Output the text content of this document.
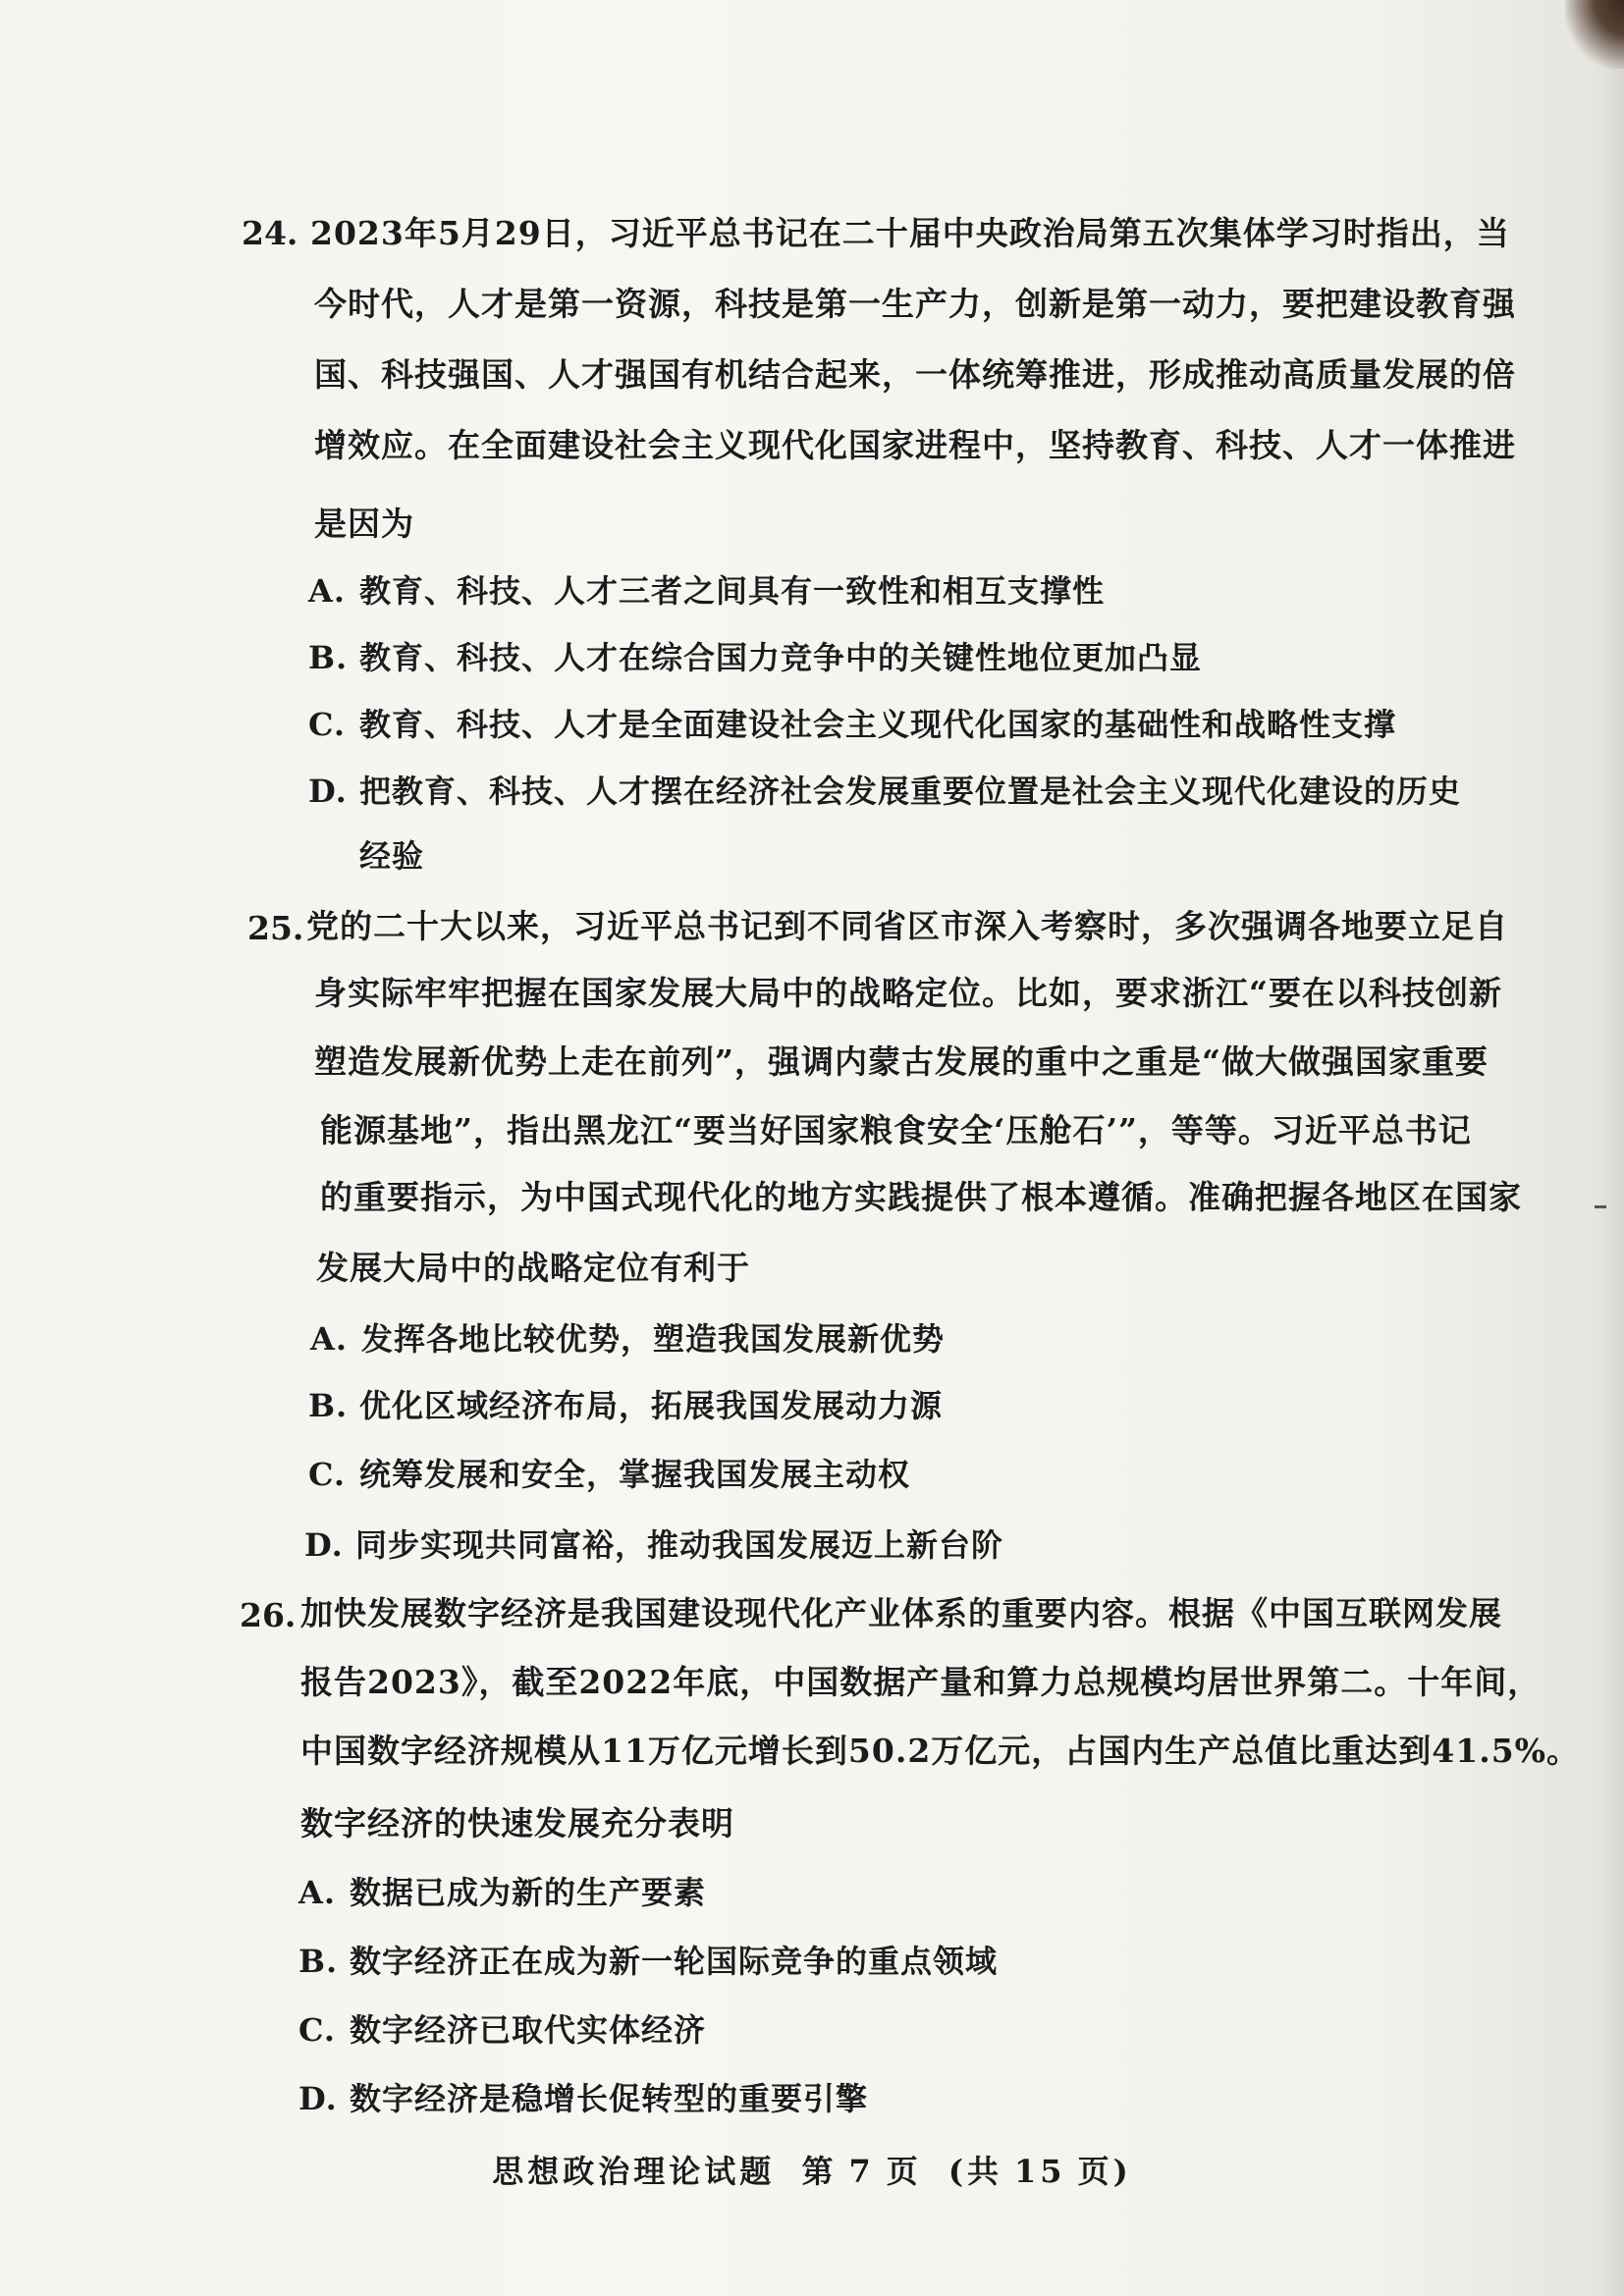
24. 2023年5月29日，习近平总书记在二十届中央政治局第五次集体学习时指出，当
今时代，人才是第一资源，科技是第一生产力，创新是第一动力，要把建设教育强
国、科技强国、人才强国有机结合起来，一体统筹推进，形成推动高质量发展的倍
增效应。在全面建设社会主义现代化国家进程中，坚持教育、科技、人才一体推进
是因为
A. 教育、科技、人才三者之间具有一致性和相互支撑性
B. 教育、科技、人才在综合国力竞争中的关键性地位更加凸显
C. 教育、科技、人才是全面建设社会主义现代化国家的基础性和战略性支撑
D. 把教育、科技、人才摆在经济社会发展重要位置是社会主义现代化建设的历史
经验
25. 党的二十大以来，习近平总书记到不同省区市深入考察时，多次强调各地要立足自
身实际牢牢把握在国家发展大局中的战略定位。比如，要求浙江“要在以科技创新
塑造发展新优势上走在前列”，强调内蒙古发展的重中之重是“做大做强国家重要
能源基地”，指出黑龙江“要当好国家粮食安全‘压舱石’”，等等。习近平总书记
的重要指示，为中国式现代化的地方实践提供了根本遵循。准确把握各地区在国家
发展大局中的战略定位有利于
A. 发挥各地比较优势，塑造我国发展新优势
B. 优化区域经济布局，拓展我国发展动力源
C. 统筹发展和安全，掌握我国发展主动权
D. 同步实现共同富裕，推动我国发展迈上新台阶
26. 加快发展数字经济是我国建设现代化产业体系的重要内容。根据《中国互联网发展
报告2023》，截至2022年底，中国数据产量和算力总规模均居世界第二。十年间，
中国数字经济规模从11万亿元增长到50.2万亿元，占国内生产总值比重达到41.5%。
数字经济的快速发展充分表明
A. 数据已成为新的生产要素
B. 数字经济正在成为新一轮国际竞争的重点领域
C. 数字经济已取代实体经济
D. 数字经济是稳增长促转型的重要引擎
思想政治理论试题 第 7 页 (共 15 页)
